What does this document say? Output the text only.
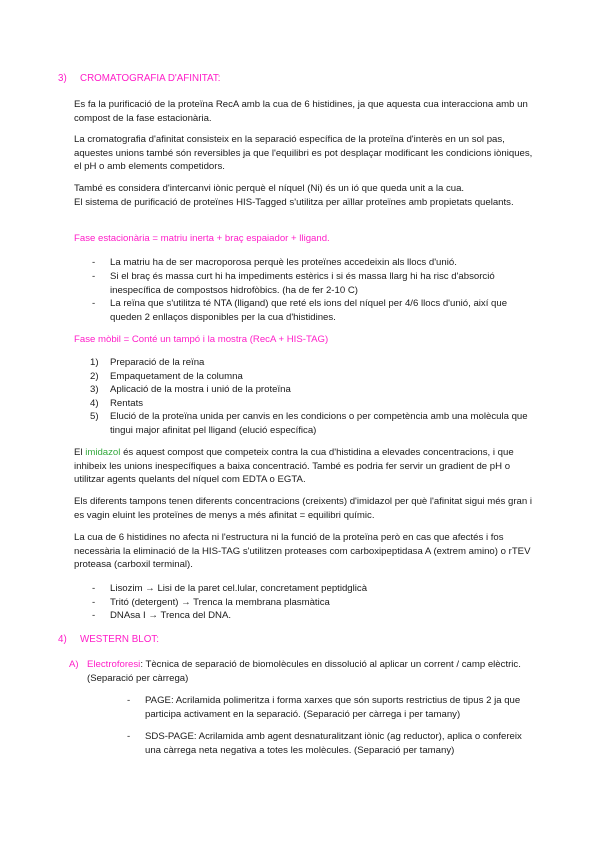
3) CROMATOGRAFIA D'AFINITAT:
Es fa la purificació de la proteïna RecA amb la cua de 6 histidines, ja que aquesta cua interacciona amb un compost de la fase estacionària.
La cromatografia d'afinitat consisteix en la separació específica de la proteïna d'interès en un sol pas, aquestes unions també són reversibles ja que l'equilibri es pot desplaçar modificant les condicions iòniques, el pH o amb elements competidors.
També es considera d'intercanvi iònic perquè el níquel (Ni) és un ió que queda unit a la cua.
El sistema de purificació de proteïnes HIS-Tagged s'utilitza per aïllar proteïnes amb propietats quelants.
Fase estacionària = matriu inerta + braç espaiador + lligand.
- La matriu ha de ser macroporosa perquè les proteïnes accedeixin als llocs d'unió.
- Si el braç és massa curt hi ha impediments estèrics i si és massa llarg hi ha risc d'absorció inespecífica de compostsos hidrofòbics. (ha de fer 2-10 C)
- La reïna que s'utilitza té NTA (lligand) que reté els ions del níquel per 4/6 llocs d'unió, així que queden 2 enllaços disponibles per la cua d'histidines.
Fase mòbil = Conté un tampó i la mostra (RecA + HIS-TAG)
1) Preparació de la reïna
2) Empaquetament de la columna
3) Aplicació de la mostra i unió de la proteïna
4) Rentats
5) Elució de la proteïna unida per canvis en les condicions o per competència amb una molècula que tingui major afinitat pel lligand (elució específica)
El imidazol és aquest compost que competeix contra la cua d'histidina a elevades concentracions, i que inhibeix les unions inespecífiques a baixa concentració. També es podria fer servir un gradient de pH o utilitzar agents quelants del níquel com EDTA o EGTA.
Els diferents tampons tenen diferents concentracions (creixents) d'imidazol per què l'afinitat sigui més gran i es vagin eluint les proteïnes de menys a més afinitat = equilibri químic.
La cua de 6 histidines no afecta ni l'estructura ni la funció de la proteïna però en cas que afectés i fos necessària la eliminació de la HIS-TAG s'utilitzen proteases com carboxipeptidasa A (extrem amino) o rTEV proteasa (carboxil terminal).
- Lisozim → Lisi de la paret cel.lular, concretament peptidglicà
- Tritó (detergent) → Trenca la membrana plasmàtica
- DNAsa I → Trenca del DNA.
4) WESTERN BLOT:
A) Electroforesi: Tècnica de separació de biomolècules en dissolució al aplicar un corrent / camp elèctric. (Separació per càrrega)
- PAGE: Acrilamida polimeritza i forma xarxes que són suports restrictius de tipus 2 ja que participa activament en la separació. (Separació per càrrega i per tamany)
- SDS-PAGE: Acrilamida amb agent desnaturalitzant iònic (ag reductor), aplica o confereix una càrrega neta negativa a totes les molècules. (Separació per tamany)
